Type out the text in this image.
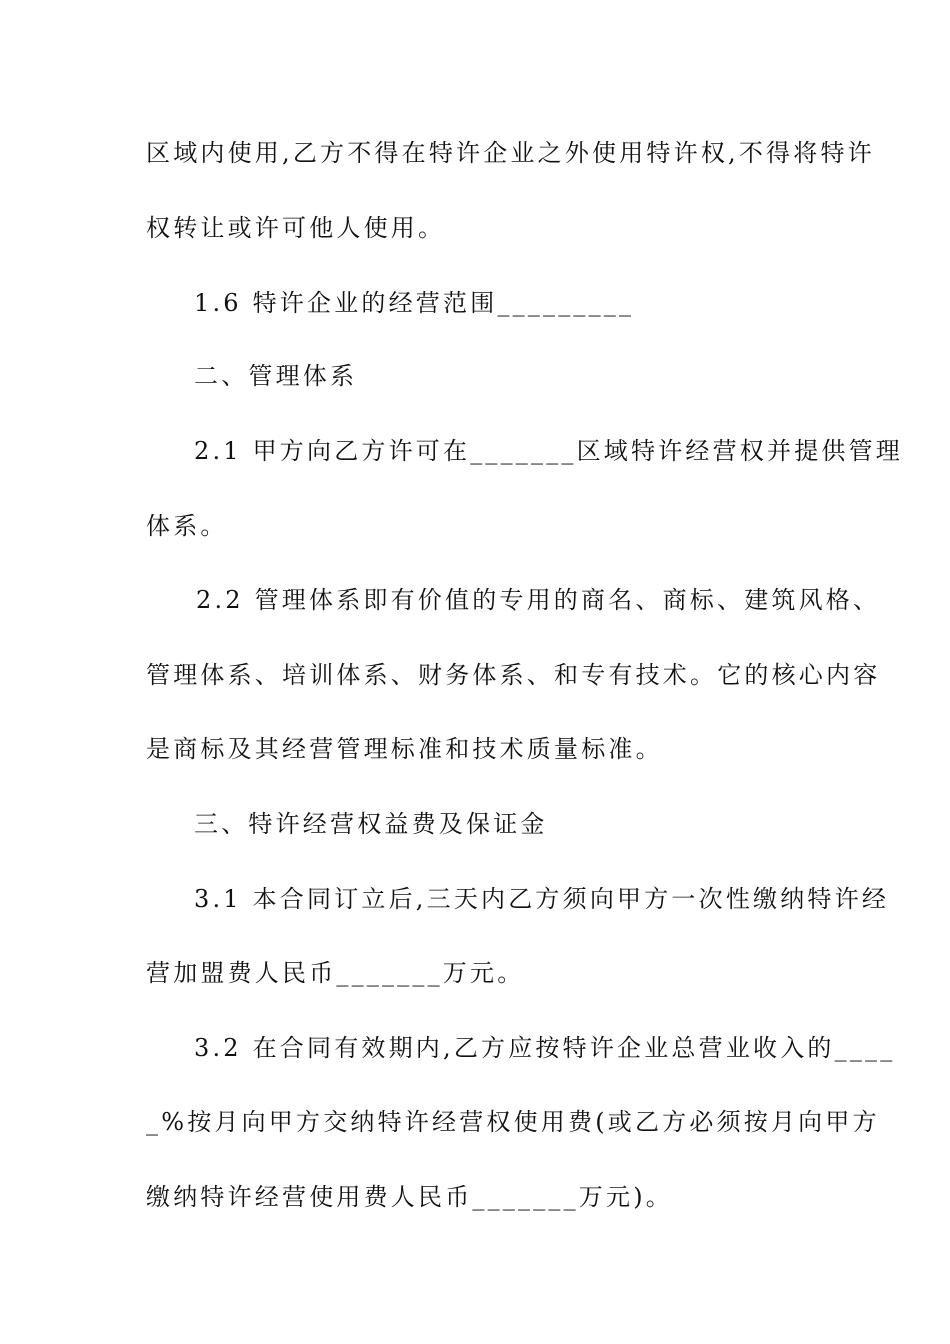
区域内使用,乙方不得在特许企业之外使用特许权,不得将特许
权转让或许可他人使用。
1.6 特许企业的经营范围_________
二、管理体系
2.1 甲方向乙方许可在_______区域特许经营权并提供管理
体系。
2.2 管理体系即有价值的专用的商名、商标、建筑风格、
管理体系、培训体系、财务体系、和专有技术。它的核心内容
是商标及其经营管理标准和技术质量标准。
三、特许经营权益费及保证金
3.1 本合同订立后,三天内乙方须向甲方一次性缴纳特许经
营加盟费人民币_______万元。
3.2 在合同有效期内,乙方应按特许企业总营业收入的____
_%按月向甲方交纳特许经营权使用费(或乙方必须按月向甲方
缴纳特许经营使用费人民币_______万元)。
